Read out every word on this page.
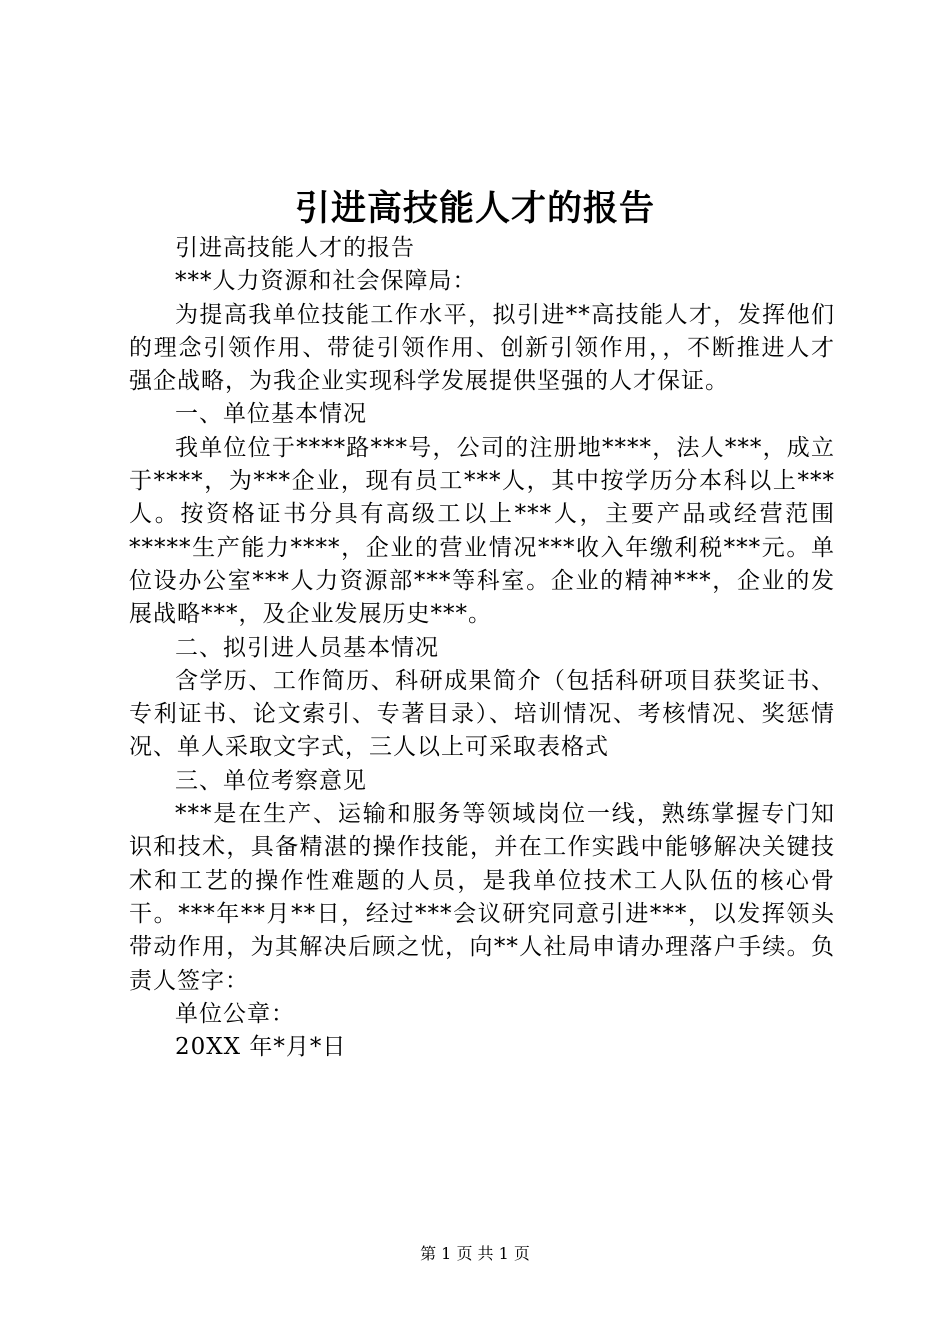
引进高技能人才的报告

引进高技能人才的报告

***人力资源和社会保障局：

为提高我单位技能工作水平，拟引进**高技能人才，发挥他们的理念引领作用、带徒引领作用、创新引领作用，，不断推进人才强企战略，为我企业实现科学发展提供坚强的人才保证。

一、单位基本情况

我单位位于****路***号，公司的注册地****，法人***，成立于****，为***企业，现有员工***人，其中按学历分本科以上***人。按资格证书分具有高级工以上***人，主要产品或经营范围*****生产能力****，企业的营业情况***收入年缴利税***元。单位设办公室***人力资源部***等科室。企业的精神***，企业的发展战略***，及企业发展历史***。

二、拟引进人员基本情况

含学历、工作简历、科研成果简介（包括科研项目获奖证书、专利证书、论文索引、专著目录）、培训情况、考核情况、奖惩情况、单人采取文字式，三人以上可采取表格式

三、单位考察意见

***是在生产、运输和服务等领域岗位一线，熟练掌握专门知识和技术，具备精湛的操作技能，并在工作实践中能够解决关键技术和工艺的操作性难题的人员，是我单位技术工人队伍的核心骨干。***年**月**日，经过***会议研究同意引进***，以发挥领头带动作用，为其解决后顾之忧，向**人社局申请办理落户手续。负责人签字：

单位公章：

20XX 年*月*日

第 1 页 共 1 页
